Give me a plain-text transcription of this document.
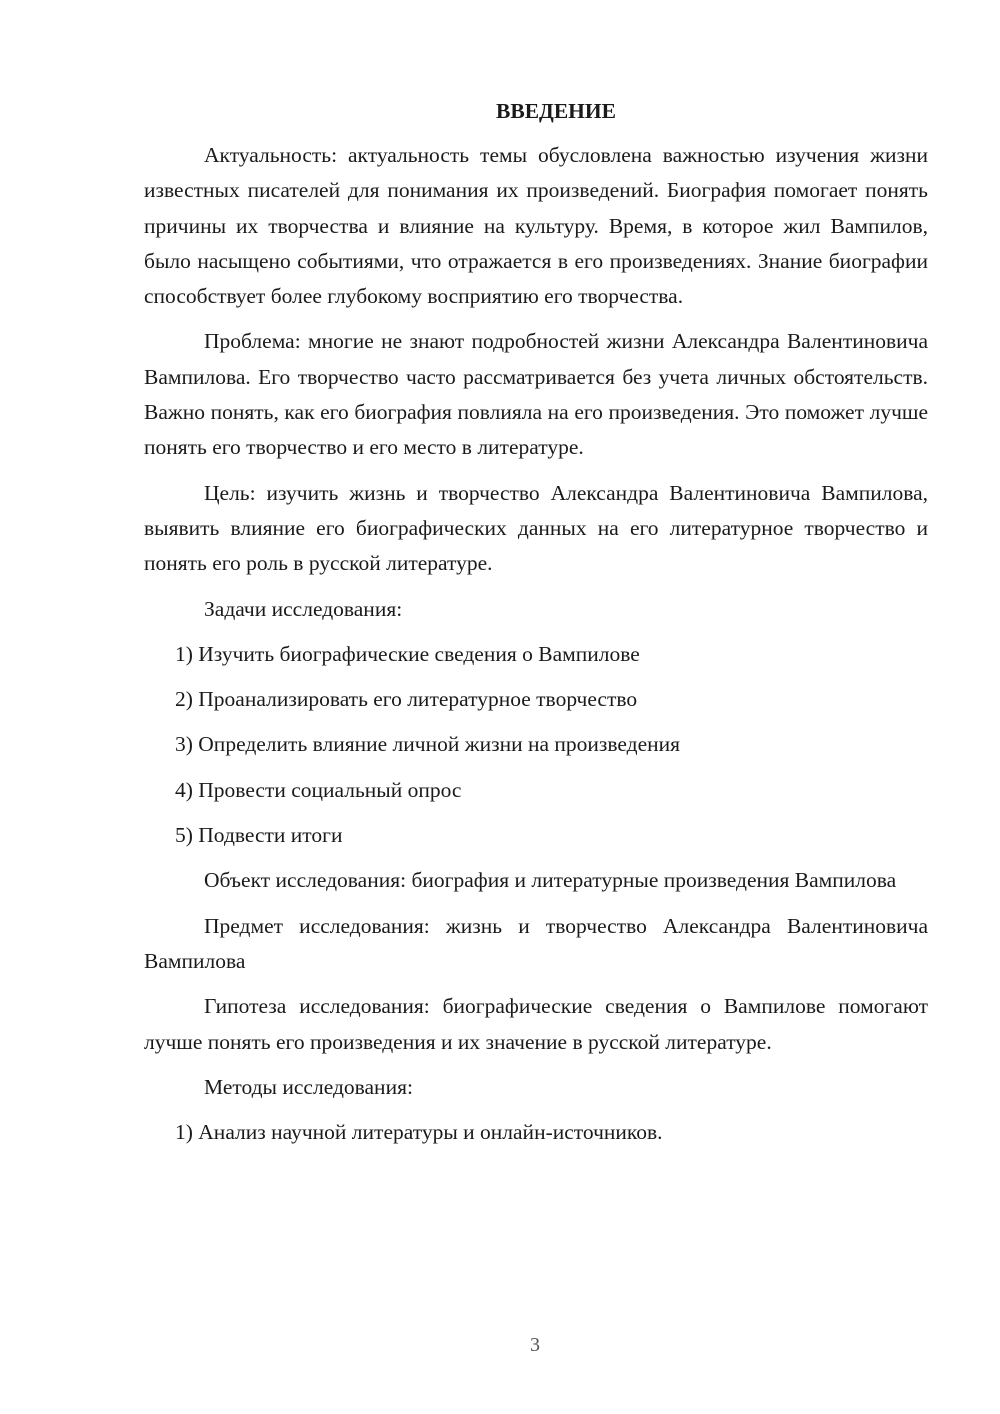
ВВЕДЕНИЕ

Актуальность: актуальность темы обусловлена важностью изучения жизни известных писателей для понимания их произведений. Биография помогает понять причины их творчества и влияние на культуру. Время, в которое жил Вампилов, было насыщено событиями, что отражается в его произведениях. Знание биографии способствует более глубокому восприятию его творчества.

Проблема: многие не знают подробностей жизни Александра Валентиновича Вампилова. Его творчество часто рассматривается без учета личных обстоятельств. Важно понять, как его биография повлияла на его произведения. Это поможет лучше понять его творчество и его место в литературе.

Цель: изучить жизнь и творчество Александра Валентиновича Вампилова, выявить влияние его биографических данных на его литературное творчество и понять его роль в русской литературе.

Задачи исследования:

1) Изучить биографические сведения о Вампилове

2) Проанализировать его литературное творчество

3) Определить влияние личной жизни на произведения

4) Провести социальный опрос

5) Подвести итоги

Объект исследования: биография и литературные произведения Вампилова

Предмет исследования: жизнь и творчество Александра Валентиновича Вампилова

Гипотеза исследования: биографические сведения о Вампилове помогают лучше понять его произведения и их значение в русской литературе.

Методы исследования:

1) Анализ научной литературы и онлайн-источников.

3
